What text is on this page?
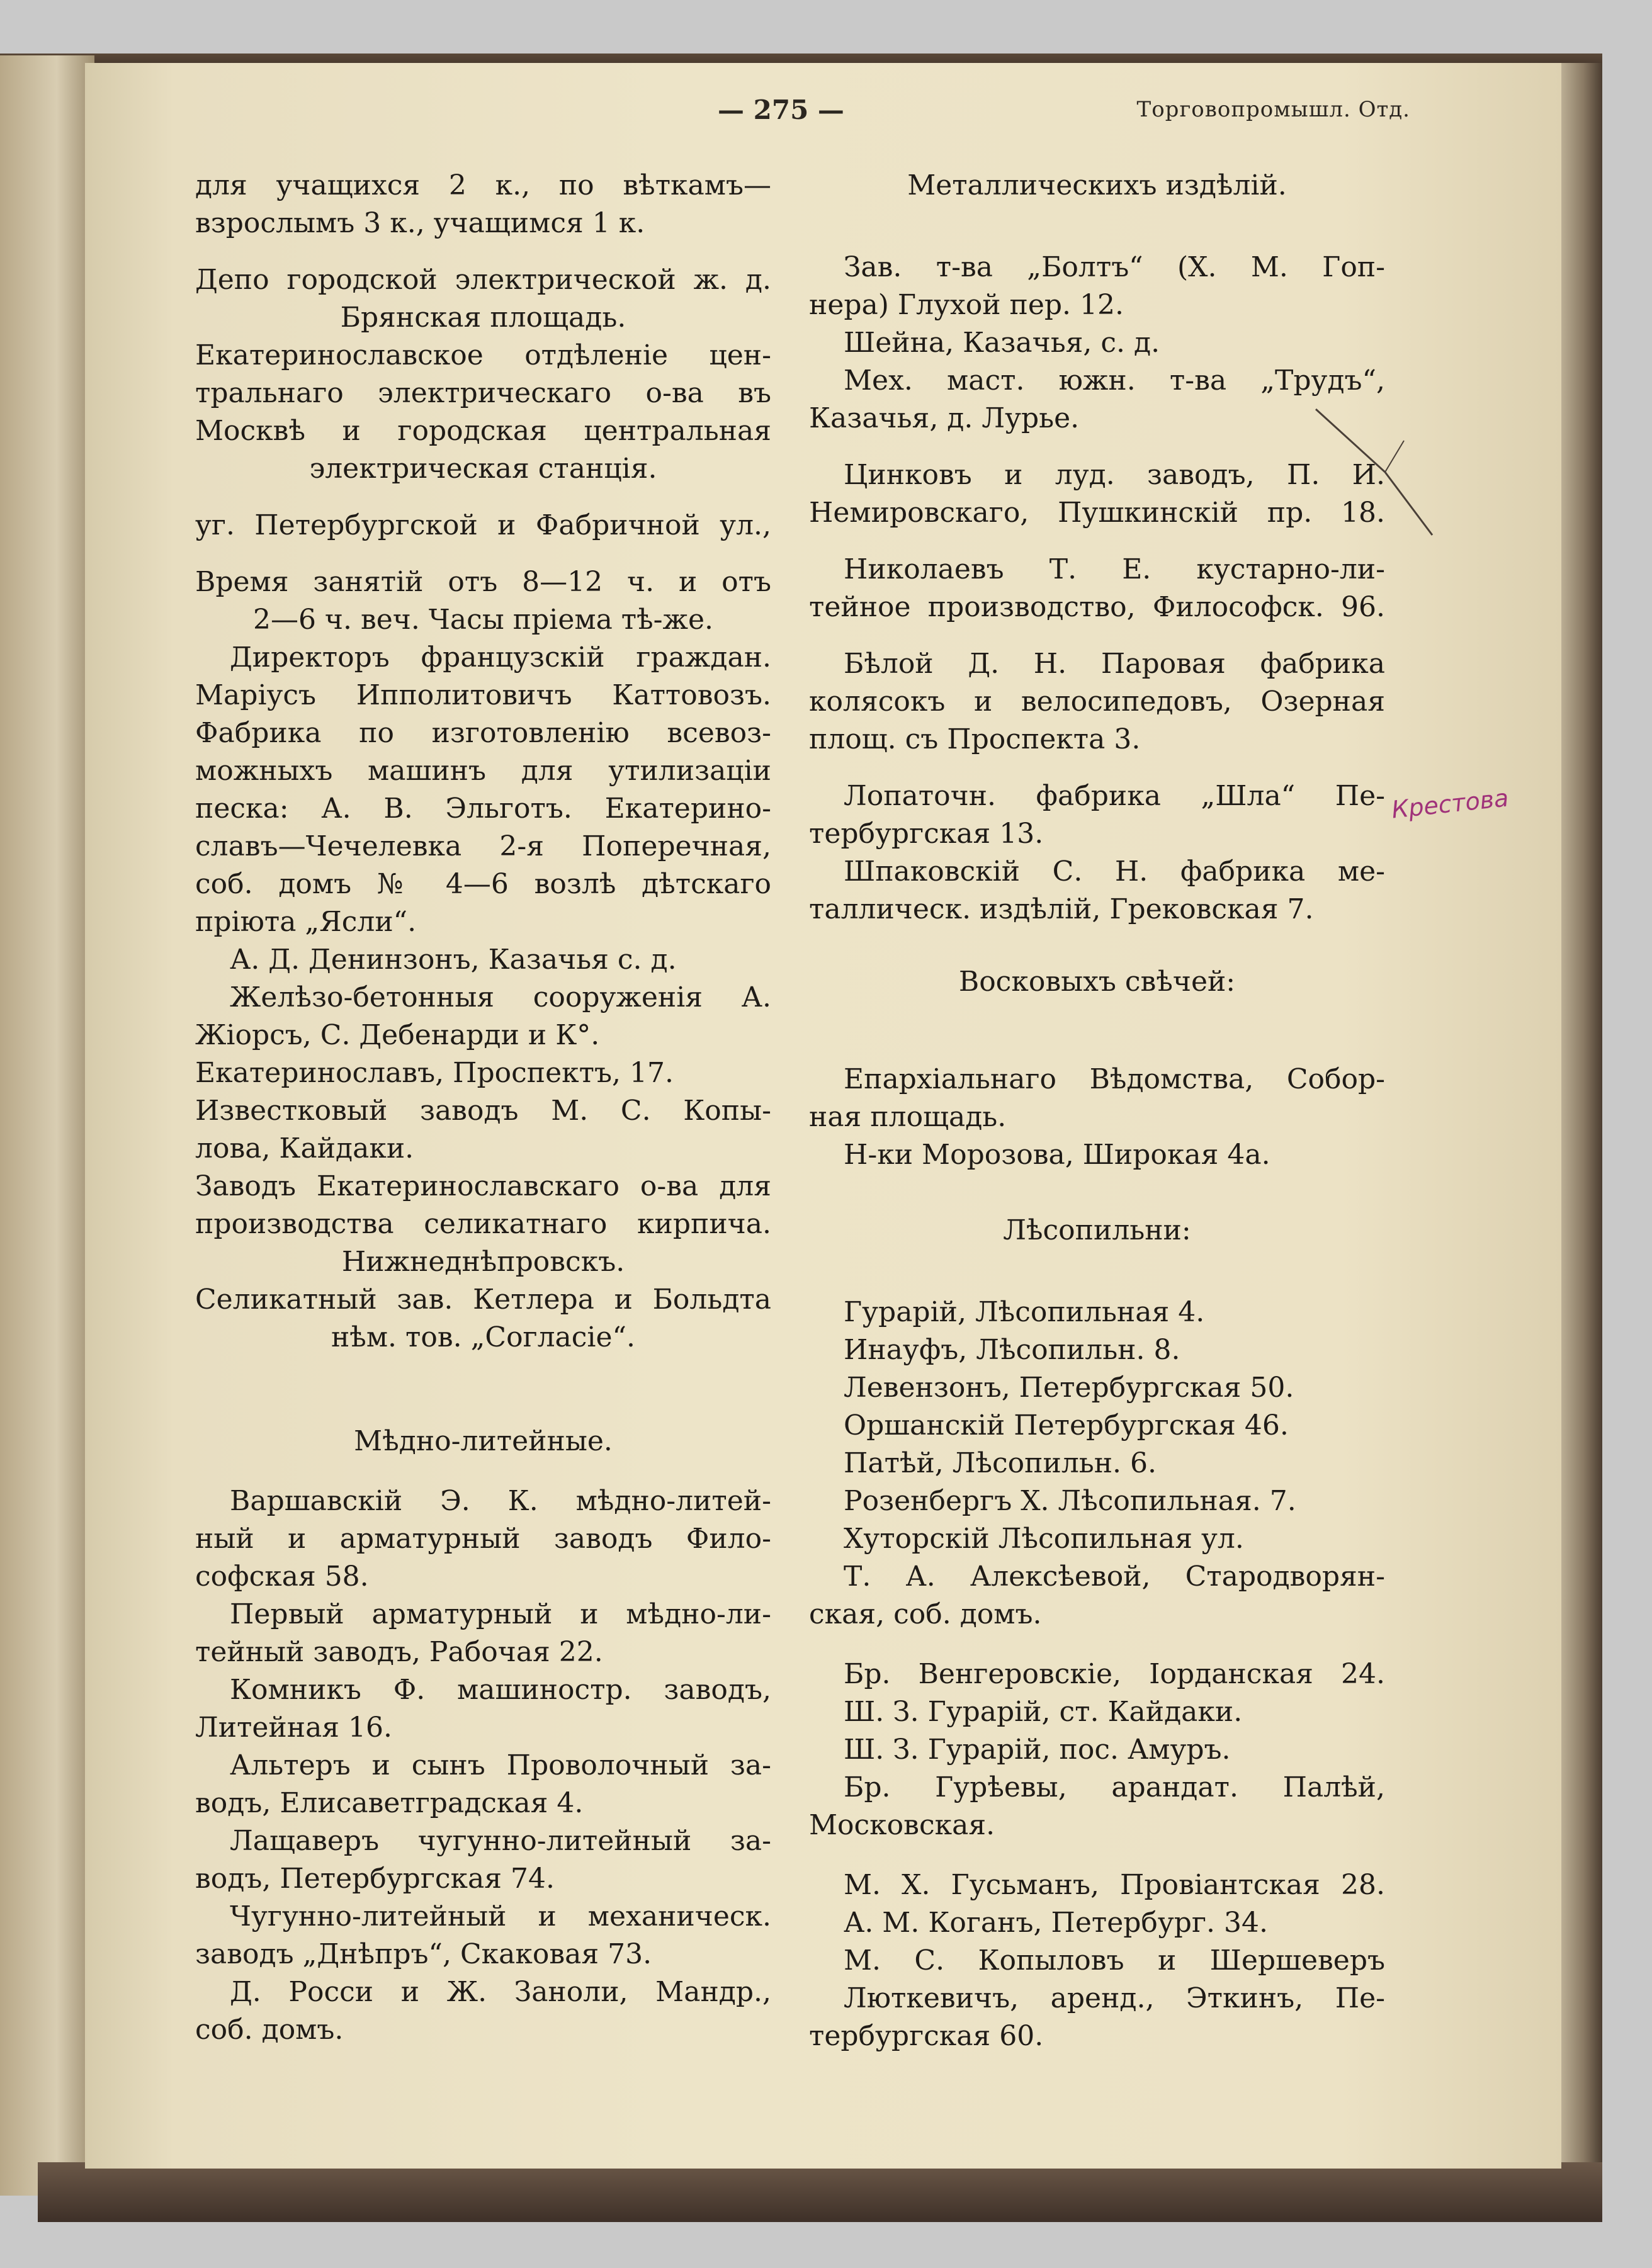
— 275 —	Торговопромышл. Отд.
для учащихся 2 к., по вѣткамъ—
взрослымъ 3 к., учащимся 1 к.
Депо городской электрической ж. д.
Брянская площадь.
Екатеринославское отдѣленіе цен-
тральнаго электрическаго о-ва въ
Москвѣ и городская центральная
электрическая станція.
уг. Петербургской и Фабричной ул.,
Время занятій отъ 8—12 ч. и отъ
2—6 ч. веч. Часы пріема тѣ-же.
Директоръ французскій граждан.
Маріусъ Ипполитовичъ Каттовозъ.
Фабрика по изготовленію всевоз-
можныхъ машинъ для утилизаціи
песка: А. В. Эльготъ. Екатерино-
славъ—Чечелевка 2-я Поперечная,
соб. домъ № 4—6 возлѣ дѣтскаго
пріюта „Ясли“.
А. Д. Денинзонъ, Казачья с. д.
Желѣзо-бетонныя сооруженія А.
Жіорсъ, С. Дебенарди и К°.
Екатеринославъ, Проспектъ, 17.
Известковый заводъ М. С. Копы-
лова, Кайдаки.
Заводъ Екатеринославскаго о-ва для
производства селикатнаго кирпича.
Нижнеднѣпровскъ.
Селикатный зав. Кетлера и Больдта
нѣм. тов. „Согласіе“.
Мѣдно-литейные.
Варшавскій Э. К. мѣдно-литей-
ный и арматурный заводъ Фило-
софская 58.
Первый арматурный и мѣдно-ли-
тейный заводъ, Рабочая 22.
Комникъ Ф. машиностр. заводъ,
Литейная 16.
Альтеръ и сынъ Проволочный за-
водъ, Елисаветградская 4.
Лащаверъ чугунно-литейный за-
водъ, Петербургская 74.
Чугунно-литейный и механическ.
заводъ „Днѣпръ“, Скаковая 73.
Д. Росси и Ж. Заноли, Мандр.,
соб. домъ.
Металлическихъ издѣлій.
Зав. т-ва „Болтъ“ (Х. М. Гоп-
нера) Глухой пер. 12.
Шейна, Казачья, с. д.
Мех. маст. южн. т-ва „Трудъ“,
Казачья, д. Лурье.
Цинковъ и луд. заводъ, П. И.
Немировскаго, Пушкинскій пр. 18.
Николаевъ Т. Е. кустарно-ли-
тейное производство, Философск. 96.
Бѣлой Д. Н. Паровая фабрика
колясокъ и велосипедовъ, Озерная
площ. съ Проспекта 3.
Лопаточн. фабрика „Шла“ Пе-
тербургская 13.
Шпаковскій С. Н. фабрика ме-
таллическ. издѣлій, Грековская 7.
Восковыхъ свѣчей:
Епархіальнаго Вѣдомства, Собор-
ная площадь.
Н-ки Морозова, Широкая 4а.
Лѣсопильни:
Гурарій, Лѣсопильная 4.
Инауфъ, Лѣсопильн. 8.
Левензонъ, Петербургская 50.
Оршанскій Петербургская 46.
Патѣй, Лѣсопильн. 6.
Розенбергъ Х. Лѣсопильная. 7.
Хуторскій Лѣсопильная ул.
Т. А. Алексѣевой, Стародворян-
ская, соб. домъ.
Бр. Венгеровскіе, Іорданская 24.
Ш. З. Гурарій, ст. Кайдаки.
Ш. З. Гурарій, пос. Амуръ.
Бр. Гурѣевы, арандат. Палѣй,
Московская.
М. Х. Гусьманъ, Провіантская 28.
А. М. Коганъ, Петербург. 34.
М. С. Копыловъ и Шершеверъ
Люткевичъ, аренд., Эткинъ, Пе-
тербургская 60.
Крестова
